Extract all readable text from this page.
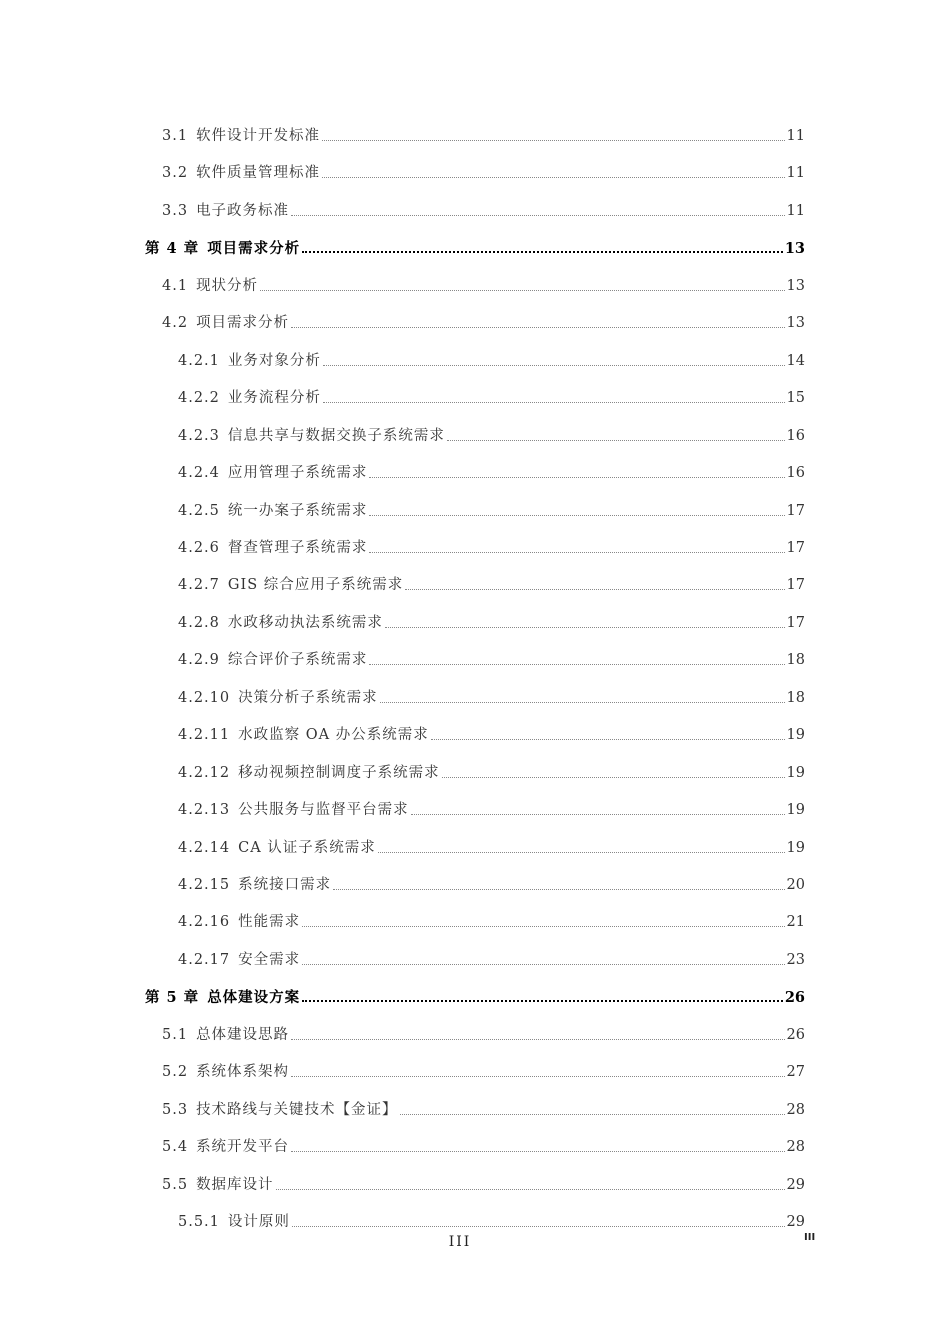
3.1 软件设计开发标准	11
3.2 软件质量管理标准	11
3.3 电子政务标准	11
第 4 章 项目需求分析	13
4.1 现状分析	13
4.2 项目需求分析	13
4.2.1 业务对象分析	14
4.2.2 业务流程分析	15
4.2.3 信息共享与数据交换子系统需求	16
4.2.4 应用管理子系统需求	16
4.2.5 统一办案子系统需求	17
4.2.6 督查管理子系统需求	17
4.2.7 GIS 综合应用子系统需求	17
4.2.8 水政移动执法系统需求	17
4.2.9 综合评价子系统需求	18
4.2.10 决策分析子系统需求	18
4.2.11 水政监察 OA 办公系统需求	19
4.2.12 移动视频控制调度子系统需求	19
4.2.13 公共服务与监督平台需求	19
4.2.14 CA 认证子系统需求	19
4.2.15 系统接口需求	20
4.2.16 性能需求	21
4.2.17 安全需求	23
第 5 章 总体建设方案	26
5.1 总体建设思路	26
5.2 系统体系架构	27
5.3 技术路线与关键技术【金证】	28
5.4 系统开发平台	28
5.5 数据库设计	29
5.5.1 设计原则	29
III	III
